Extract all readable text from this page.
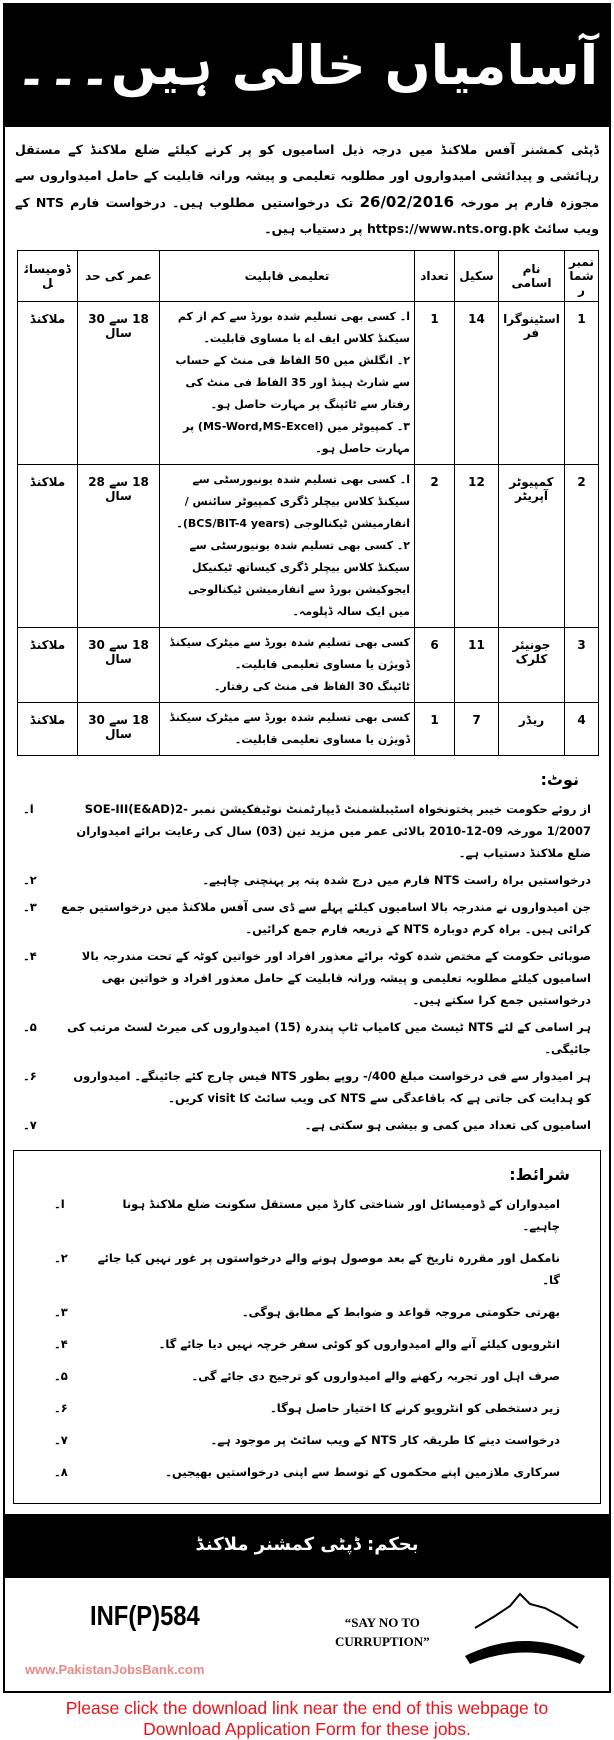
آسامیاں خالی ہیں۔۔۔
ڈپٹی کمشنر آفس ملاکنڈ میں درجہ ذیل اسامیوں کو پر کرنے کیلئے ضلع ملاکنڈ کے مستقل رہائشی و پیدائشی امیدواروں اور مطلوبہ تعلیمی و پیشہ ورانہ قابلیت کے حامل امیدواروں سے مجوزہ فارم پر مورخہ 26/02/2016 تک درخواستیں مطلوب ہیں۔ درخواست فارم NTS کے ویب سائٹ https://www.nts.org.pk پر دستیاب ہیں۔
نمبر شمار	نام اسامی	سکیل	تعداد	تعلیمی قابلیت	عمر کی حد	ڈومیسائل
1	اسٹینوگرافر	14	1	ا۔ کسی بھی تسلیم شدہ بورڈ سے کم از کم سیکنڈ کلاس ایف اے یا مساوی قابلیت۔
۲۔ انگلش میں 50 الفاظ فی منٹ کے حساب سے شارٹ ہینڈ اور 35 الفاظ فی منٹ کی رفتار سے ٹائپنگ پر مہارت حاصل ہو۔
۳۔ کمپیوٹر میں (MS-Word,MS-Excel) پر مہارت حاصل ہو۔	18 سے 30 سال	ملاکنڈ
2	کمپیوٹر آپریٹر	12	2	ا۔ کسی بھی تسلیم شدہ یونیورسٹی سے سیکنڈ کلاس بیچلر ڈگری کمپیوٹر سائنس / انفارمیشن ٹیکنالوجی (BCS/BIT-4 years)۔
۲۔ کسی بھی تسلیم شدہ یونیورسٹی سے سیکنڈ کلاس بیچلر ڈگری کیساتھ ٹیکنیکل ایجوکیشن بورڈ سے انفارمیشن ٹیکنالوجی میں ایک سالہ ڈپلومہ۔	18 سے 28 سال	ملاکنڈ
3	جونیئر کلرک	11	6	کسی بھی تسلیم شدہ بورڈ سے میٹرک سیکنڈ ڈویژن یا مساوی تعلیمی قابلیت۔
ٹائپنگ 30 الفاظ فی منٹ کی رفتار۔	18 سے 30 سال	ملاکنڈ
4	ریڈر	7	1	کسی بھی تسلیم شدہ بورڈ سے میٹرک سیکنڈ ڈویژن یا مساوی تعلیمی قابلیت۔	18 سے 30 سال	ملاکنڈ
نوٹ:
از روئے حکومت خیبر پختونخواہ اسٹیبلشمنٹ ڈیپارٹمنٹ نوٹیفکیشن نمبر SOE-III(E&AD)2-1/2007 مورخہ 09-12-2010 بالائی عمر میں مزید تین (03) سال کی رعایت برائے امیدواران ضلع ملاکنڈ دستیاب ہے۔
ا۔
درخواستیں براہ راست NTS فارم میں درج شدہ پتہ پر پہنچنی چاہیے۔
۲۔
جن امیدواروں نے مندرجہ بالا اسامیوں کیلئے پہلے سے ڈی سی آفس ملاکنڈ میں درخواستیں جمع کرائی ہیں۔ براہ کرم دوبارہ NTS کے ذریعہ فارم جمع کرائیں۔
۳۔
صوبائی حکومت کے مختص شدہ کوٹہ برائے معذور افراد اور خواتین کوٹہ کے تحت مندرجہ بالا اسامیوں کیلئے مطلوبہ تعلیمی و پیشہ ورانہ قابلیت کے حامل معذور افراد و خواتین بھی درخواستیں جمع کرا سکتے ہیں۔
۴۔
ہر اسامی کے لئے NTS ٹیسٹ میں کامیاب ٹاپ پندرہ (15) امیدواروں کی میرٹ لسٹ مرتب کی جائیگی۔
۵۔
ہر امیدوار سے فی درخواست مبلغ 400/- روپے بطور NTS فیس چارج کئے جائینگے۔ امیدواروں کو ہدایت کی جاتی ہے کہ باقاعدگی سے NTS کی ویب سائٹ کا visit کریں۔
۶۔
اسامیوں کی تعداد میں کمی و بیشی ہو سکتی ہے۔
۷۔
شرائط:
امیدواران کے ڈومیسائل اور شناختی کارڈ میں مستقل سکونت ضلع ملاکنڈ ہونا چاہیے۔
ا۔
نامکمل اور مقررہ تاریخ کے بعد موصول ہونے والے درخواستوں پر غور نہیں کیا جائے گا۔
۲۔
بھرتی حکومتی مروجہ قواعد و ضوابط کے مطابق ہوگی۔
۳۔
انٹرویوں کیلئے آنے والے امیدواروں کو کوئی سفر خرچہ نہیں دیا جائے گا۔
۴۔
صرف اہل اور تجربہ رکھنے والے امیدواروں کو ترجیح دی جائے گی۔
۵۔
زیر دستخطی کو انٹرویو کرنے کا اختیار حاصل ہوگا۔
۶۔
درخواست دینے کا طریقہ کار NTS کے ویب سائٹ پر موجود ہے۔
۷۔
سرکاری ملازمین اپنے محکموں کے توسط سے اپنی درخواستیں بھیجیں۔
۸۔
بحکم: ڈپٹی کمشنر ملاکنڈ
INF(P)584
www.PakistanJobsBank.com
“SAY NO TO
CURRUPTION”
Please click the download link near the end of this webpage to
Download Application Form for these jobs.
